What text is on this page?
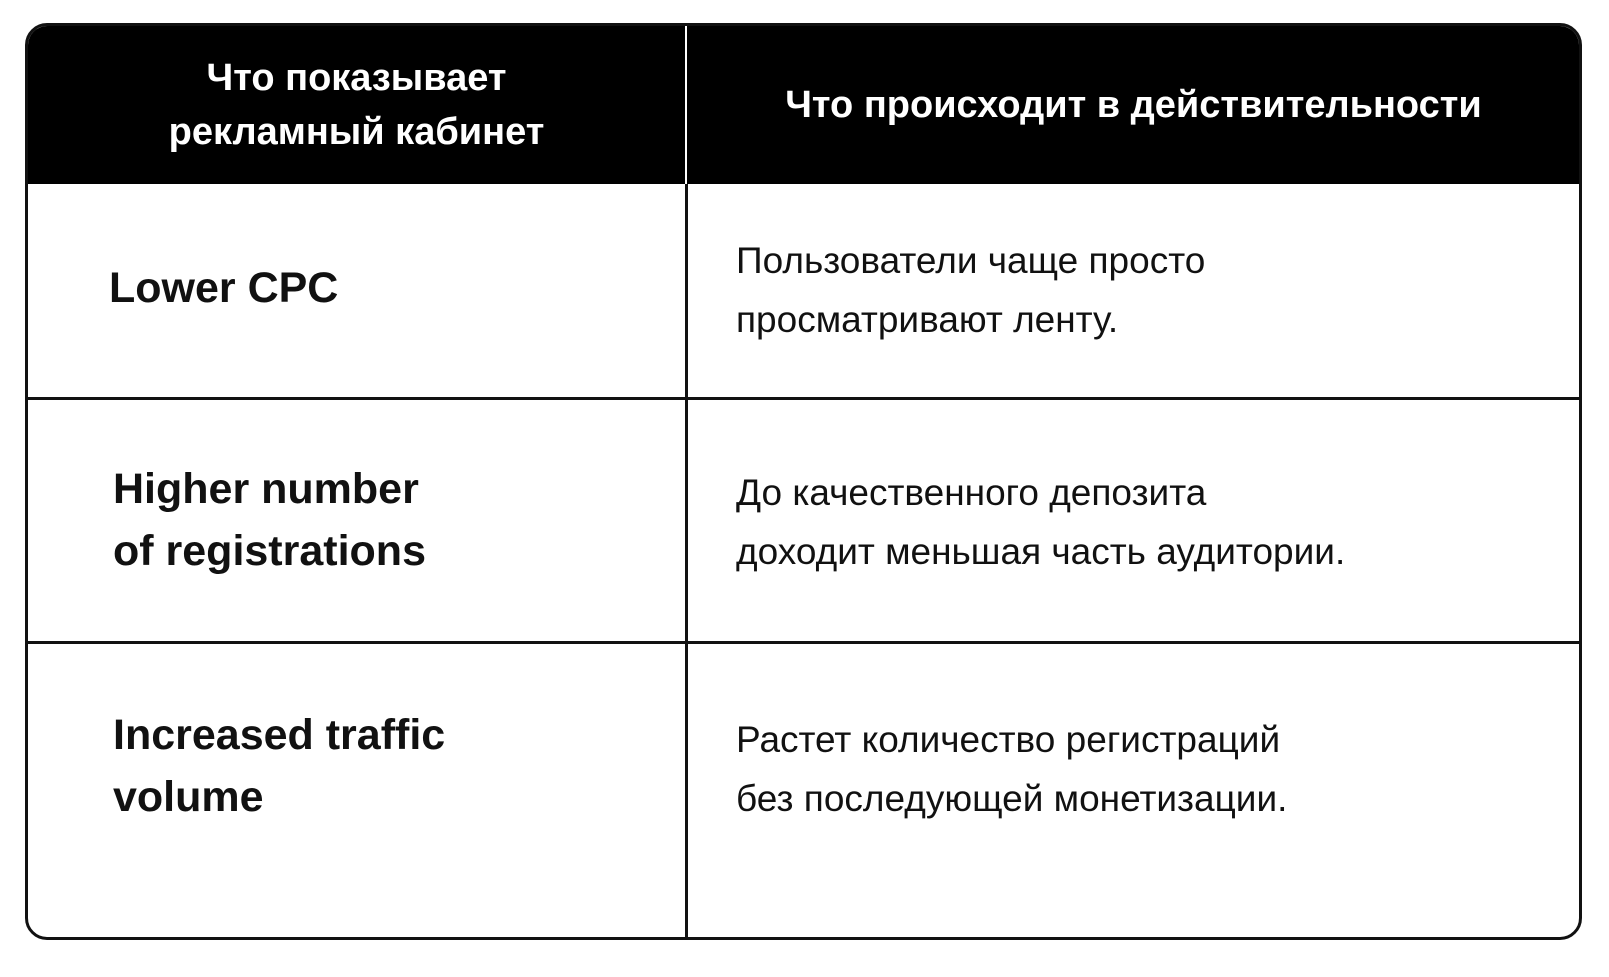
Что показывает
рекламный кабинет
Что происходит в действительности
Lower CPC
Пользователи чаще просто
просматривают ленту.
Higher number
of registrations
До качественного депозита
доходит меньшая часть аудитории.
Increased traffic
volume
Растет количество регистраций
без последующей монетизации.
